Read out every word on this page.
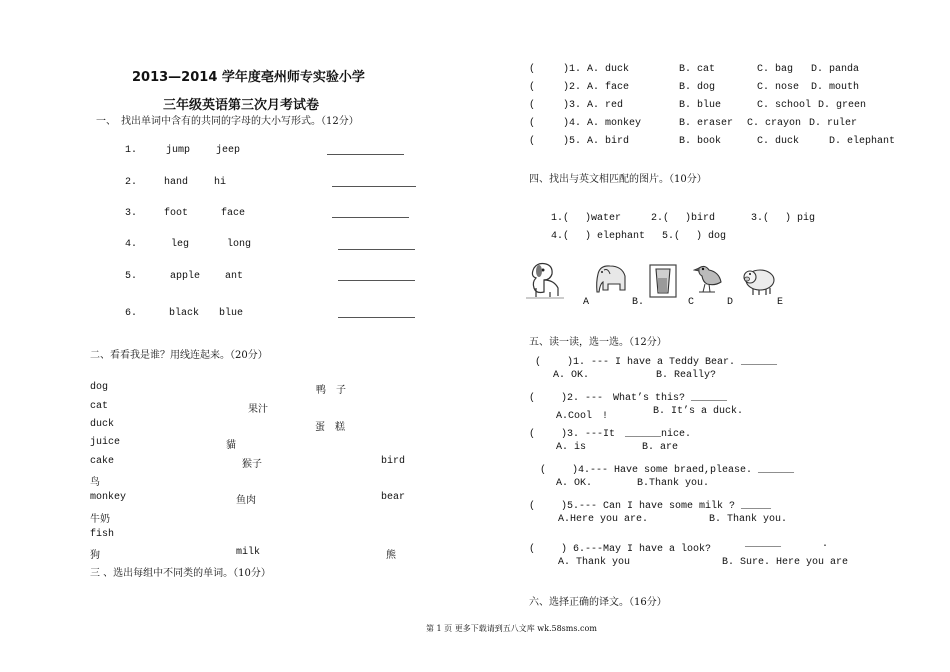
2013—2014 学年度亳州师专实验小学
三年级英语第三次月考试卷
一、　找出单词中含有的共同的字母的大小写形式。（12分）
1.	jump	jeep
2.	hand	hi
3.	foot	face
4.	leg	long
5.	apple ant
6.	black blue
二、看看我是谁？用线连起来。（20分）
dog	鸭　子
cat	果汁
duck	蛋　糕
juice	貓
cake	猴子	bird
鸟
monkey	鱼肉	bear
牛奶
fish
狗	milk	熊
三 、选出每组中不同类的单词。（10分）
(	)1. A. duck	B. cat	C. bag D. panda
(	)2. A. face	B. dog	C. nose D. mouth
(	)3. A. red	B. blue	C. school D. green
(	)4. A. monkey	B. eraser C. crayon D. ruler
(	)5. A. bird	B. book	C. duck	D. elephant
四、找出与英文相匹配的图片。（10分）
1.(　 )water	2.(　 )bird	3.(　 ) pig
4.(　 ) elephant 5.(　 ) dog
A	B.	C	D	E
五、读一读，选一选。（12分）
(　　 )1. --- I have a Teddy Bear. ______
A. OK.	B. Really?
(　　 )2. ---　What’s this? ______
A.Cool　!	B. It’s a duck.
(　　 )3. ---It　______nice.
A. is	B. are
(　　 )4.--- Have some braed,please. ______
A. OK.	B.Thank you.
(　　 )5.--- Can I have some milk ? _____
A.Here you are.	B. Thank you.
(　　 ) 6.---May I have a look?	______	.
A. Thank you	B. Sure. Here you are
六、选择正确的译文。（16分）
第 1 页 更多下载请到五八文库 wk.58sms.com
